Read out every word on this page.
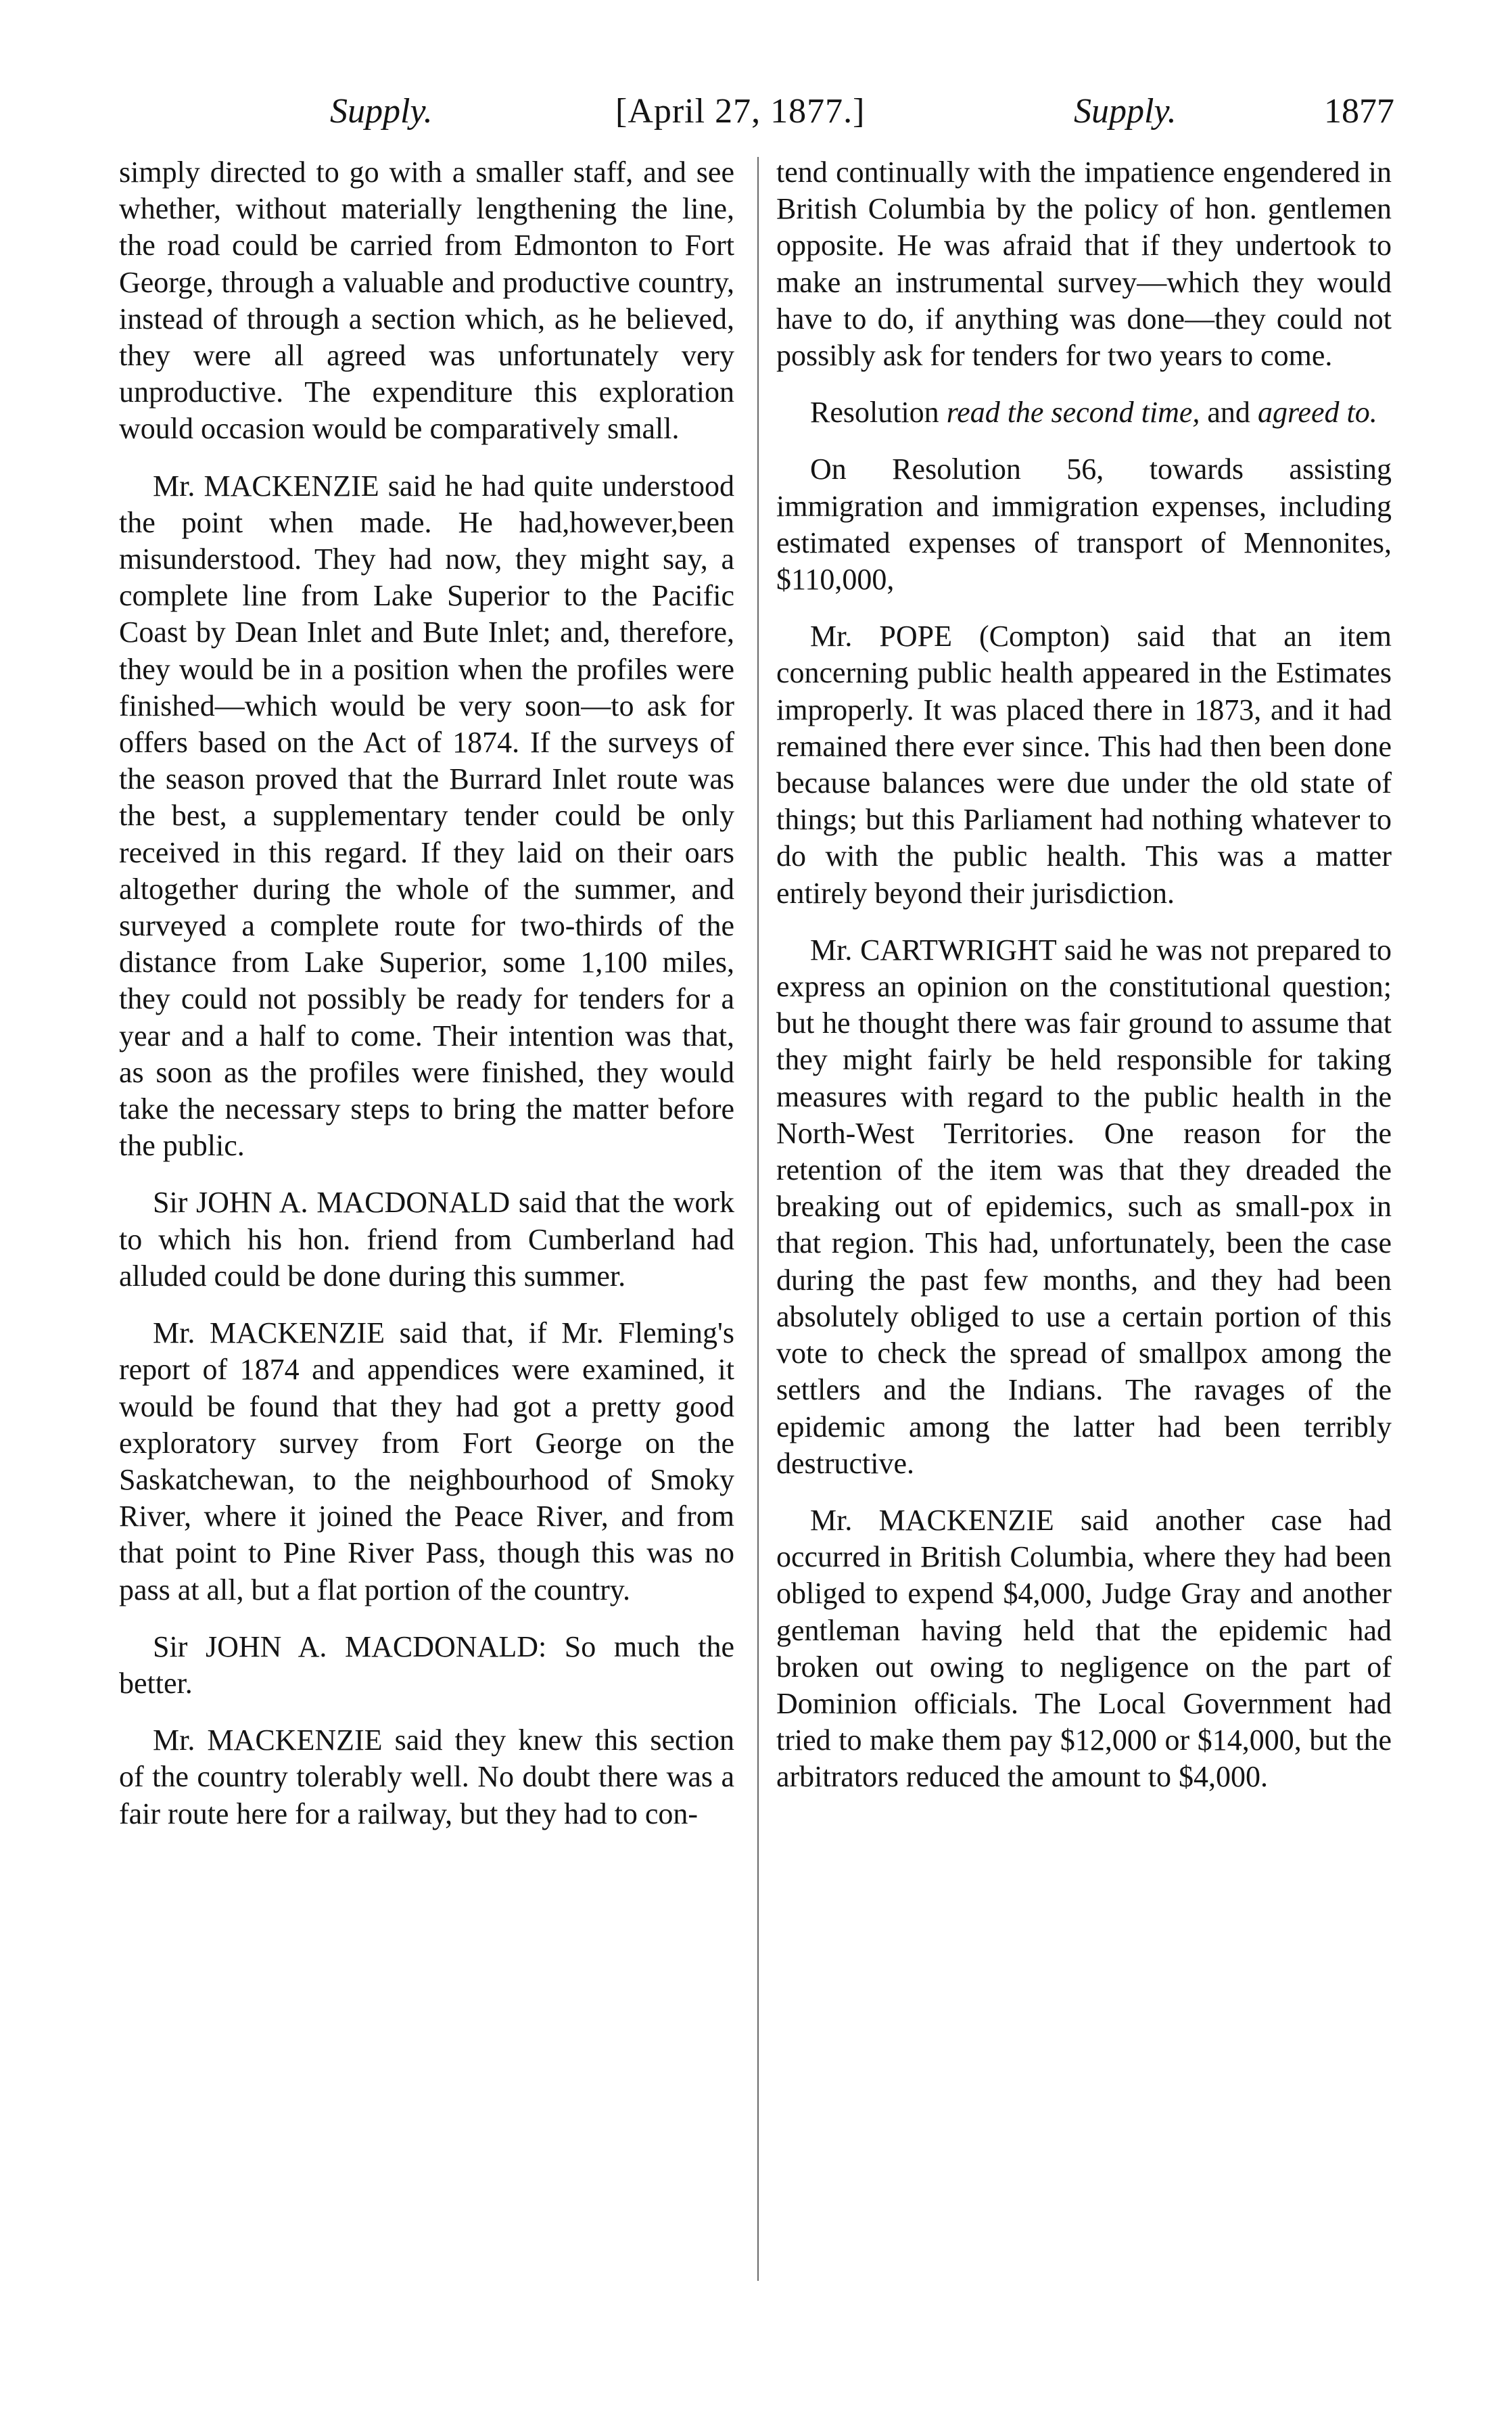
Supply.	[April 27, 1877.]	Supply.	1877

simply directed to go with a smaller staff, and see whether, without materially lengthening the line, the road could be carried from Edmonton to Fort George, through a valuable and productive country, instead of through a section which, as he believed, they were all agreed was unfortunately very unproductive. The expenditure this exploration would occasion would be comparatively small.

Mr. MACKENZIE said he had quite understood the point when made. He had,however,been misunderstood. They had now, they might say, a complete line from Lake Superior to the Pacific Coast by Dean Inlet and Bute Inlet; and, therefore, they would be in a position when the profiles were finished—which would be very soon—to ask for offers based on the Act of 1874. If the surveys of the season proved that the Burrard Inlet route was the best, a supplementary tender could be only received in this regard. If they laid on their oars altogether during the whole of the summer, and surveyed a complete route for two-thirds of the distance from Lake Superior, some 1,100 miles, they could not possibly be ready for tenders for a year and a half to come. Their intention was that, as soon as the profiles were finished, they would take the necessary steps to bring the matter before the public.

Sir JOHN A. MACDONALD said that the work to which his hon. friend from Cumberland had alluded could be done during this summer.

Mr. MACKENZIE said that, if Mr. Fleming's report of 1874 and appendices were examined, it would be found that they had got a pretty good exploratory survey from Fort George on the Saskatchewan, to the neighbourhood of Smoky River, where it joined the Peace River, and from that point to Pine River Pass, though this was no pass at all, but a flat portion of the country.

Sir JOHN A. MACDONALD: So much the better.

Mr. MACKENZIE said they knew this section of the country tolerably well. No doubt there was a fair route here for a railway, but they had to con-

tend continually with the impatience engendered in British Columbia by the policy of hon. gentlemen opposite. He was afraid that if they undertook to make an instrumental survey—which they would have to do, if anything was done—they could not possibly ask for tenders for two years to come.

Resolution read the second time, and agreed to.

On Resolution 56, towards assisting immigration and immigration expenses, including estimated expenses of transport of Mennonites, $110,000,

Mr. POPE (Compton) said that an item concerning public health appeared in the Estimates improperly. It was placed there in 1873, and it had remained there ever since. This had then been done because balances were due under the old state of things; but this Parliament had nothing whatever to do with the public health. This was a matter entirely beyond their jurisdiction.

Mr. CARTWRIGHT said he was not prepared to express an opinion on the constitutional question; but he thought there was fair ground to assume that they might fairly be held responsible for taking measures with regard to the public health in the North-West Territories. One reason for the retention of the item was that they dreaded the breaking out of epidemics, such as small-pox in that region. This had, unfortunately, been the case during the past few months, and they had been absolutely obliged to use a certain portion of this vote to check the spread of smallpox among the settlers and the Indians. The ravages of the epidemic among the latter had been terribly destructive.

Mr. MACKENZIE said another case had occurred in British Columbia, where they had been obliged to expend $4,000, Judge Gray and another gentleman having held that the epidemic had broken out owing to negligence on the part of Dominion officials. The Local Government had tried to make them pay $12,000 or $14,000, but the arbitrators reduced the amount to $4,000.
